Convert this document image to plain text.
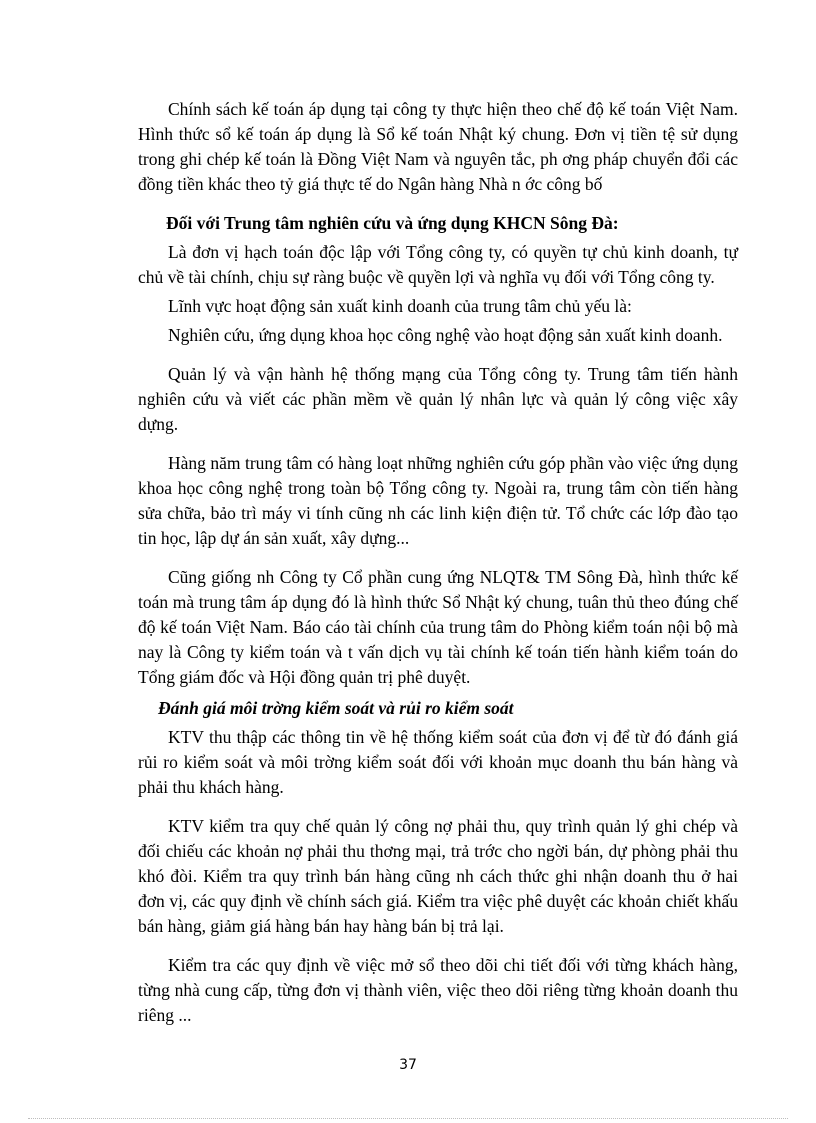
Chính sách kế toán áp dụng tại công ty thực hiện theo chế độ kế toán Việt Nam. Hình thức sổ kế toán áp dụng là Sổ kế toán Nhật ký chung. Đơn vị tiền tệ sử dụng trong ghi chép kế toán là Đồng Việt Nam và nguyên tắc, ph ơng pháp chuyển đổi các đồng tiền khác theo tỷ giá thực tế do Ngân hàng Nhà n ớc công bố

Đối với Trung tâm nghiên cứu và ứng dụng KHCN Sông Đà:

Là đơn vị hạch toán độc lập với Tổng công ty, có quyền tự chủ kinh doanh, tự chủ về tài chính, chịu sự ràng buộc về quyền lợi và nghĩa vụ đối với Tổng công ty.

Lĩnh vực hoạt động sản xuất kinh doanh của trung tâm chủ yếu là:

Nghiên cứu, ứng dụng khoa học công nghệ vào hoạt động sản xuất kinh doanh.

Quản lý và vận hành hệ thống mạng của Tổng công ty. Trung tâm tiến hành nghiên cứu và viết các phần mềm về quản lý nhân lực và quản lý công việc xây dựng.

Hàng năm trung tâm có hàng loạt những nghiên cứu góp phần vào việc ứng dụng khoa học công nghệ trong toàn bộ Tổng công ty. Ngoài ra, trung tâm còn tiến hàng sửa chữa, bảo trì máy vi tính cũng nh các linh kiện điện tử. Tổ chức các lớp đào tạo tin học, lập dự án sản xuất, xây dựng...

Cũng giống nh Công ty Cổ phần cung ứng NLQT& TM Sông Đà, hình thức kế toán mà trung tâm áp dụng đó là hình thức Sổ Nhật ký chung, tuân thủ theo đúng chế độ kế toán Việt Nam. Báo cáo tài chính của trung tâm do Phòng kiểm toán nội bộ mà nay là Công ty kiểm toán và t vấn dịch vụ tài chính kế toán tiến hành kiểm toán do Tổng giám đốc và Hội đồng quản trị phê duyệt.

Đánh giá môi trờng kiểm soát và rủi ro kiểm soát

KTV thu thập các thông tin về hệ thống kiểm soát của đơn vị để từ đó đánh giá rủi ro kiểm soát và môi trờng kiểm soát đối với khoản mục doanh thu bán hàng và phải thu khách hàng.

KTV kiểm tra quy chế quản lý công nợ phải thu, quy trình quản lý ghi chép và đối chiếu các khoản nợ phải thu thơng mại, trả trớc cho ngời bán, dự phòng phải thu khó đòi. Kiểm tra quy trình bán hàng cũng nh cách thức ghi nhận doanh thu ở hai đơn vị, các quy định về chính sách giá. Kiểm tra việc phê duyệt các khoản chiết khấu bán hàng, giảm giá hàng bán hay hàng bán bị trả lại.

Kiểm tra các quy định về việc mở sổ theo dõi chi tiết đối với từng khách hàng, từng nhà cung cấp, từng đơn vị thành viên, việc theo dõi riêng từng khoản doanh thu riêng ...

37
